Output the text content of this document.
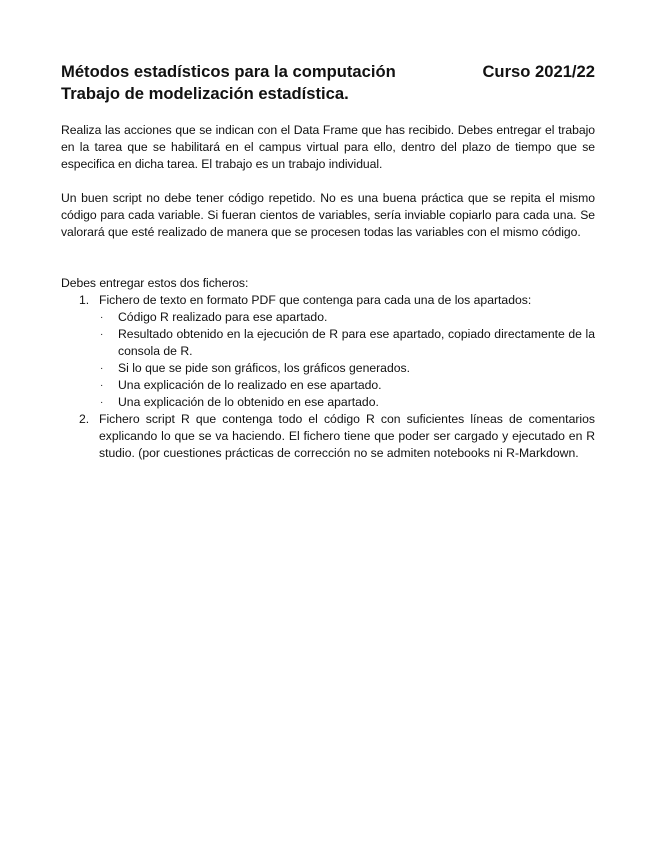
Métodos estadísticos para la computación	Curso 2021/22
Trabajo de modelización estadística.
Realiza las acciones que se indican con el Data Frame que has recibido. Debes entregar el trabajo en la tarea que se habilitará en el campus virtual para ello, dentro del plazo de tiempo que se especifica en dicha tarea. El trabajo es un trabajo individual.
Un buen script no debe tener código repetido. No es una buena práctica que se repita el mismo código para cada variable. Si fueran cientos de variables, sería inviable copiarlo para cada una. Se valorará que esté realizado de manera que se procesen todas las variables con el mismo código.
Debes entregar estos dos ficheros:
1. Fichero de texto en formato PDF que contenga para cada una de los apartados:
· Código R realizado para ese apartado.
· Resultado obtenido en la ejecución de R para ese apartado, copiado directamente de la consola de R.
· Si lo que se pide son gráficos, los gráficos generados.
· Una explicación de lo realizado en ese apartado.
· Una explicación de lo obtenido en ese apartado.
2. Fichero script R que contenga todo el código R con suficientes líneas de comentarios explicando lo que se va haciendo. El fichero tiene que poder ser cargado y ejecutado en R studio. (por cuestiones prácticas de corrección no se admiten notebooks ni R-Markdown.
